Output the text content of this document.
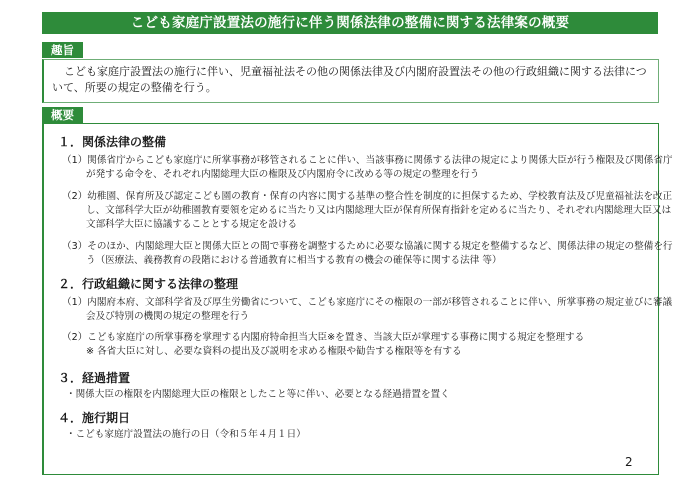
こども家庭庁設置法の施行に伴う関係法律の整備に関する法律案の概要
趣旨
こども家庭庁設置法の施行に伴い、児童福祉法その他の関係法律及び内閣府設置法その他の行政組織に関する法律について、所要の規定の整備を行う。
概要
１．関係法律の整備
（1）関係省庁からこども家庭庁に所掌事務が移管されることに伴い、当該事務に関係する法律の規定により関係大臣が行う権限及び関係省庁が発する命令を、それぞれ内閣総理大臣の権限及び内閣府令に改める等の規定の整理を行う
（2）幼稚園、保育所及び認定こども園の教育・保育の内容に関する基準の整合性を制度的に担保するため、学校教育法及び児童福祉法を改正し、文部科学大臣が幼稚園教育要領を定めるに当たり又は内閣総理大臣が保育所保育指針を定めるに当たり、それぞれ内閣総理大臣又は文部科学大臣に協議することとする規定を設ける
（3）そのほか、内閣総理大臣と関係大臣との間で事務を調整するために必要な協議に関する規定を整備するなど、関係法律の規定の整備を行う（医療法、義務教育の段階における普通教育に相当する教育の機会の確保等に関する法律 等）
２．行政組織に関する法律の整理
（1）内閣府本府、文部科学省及び厚生労働省について、こども家庭庁にその権限の一部が移管されることに伴い、所掌事務の規定並びに審議会及び特別の機関の規定の整理を行う
（2）こども家庭庁の所掌事務を掌理する内閣府特命担当大臣※を置き、当該大臣が掌理する事務に関する規定を整理する
※ 各省大臣に対し、必要な資料の提出及び説明を求める権限や勧告する権限等を有する
３．経過措置
・関係大臣の権限を内閣総理大臣の権限としたこと等に伴い、必要となる経過措置を置く
４．施行期日
・こども家庭庁設置法の施行の日（令和５年４月１日）
2
